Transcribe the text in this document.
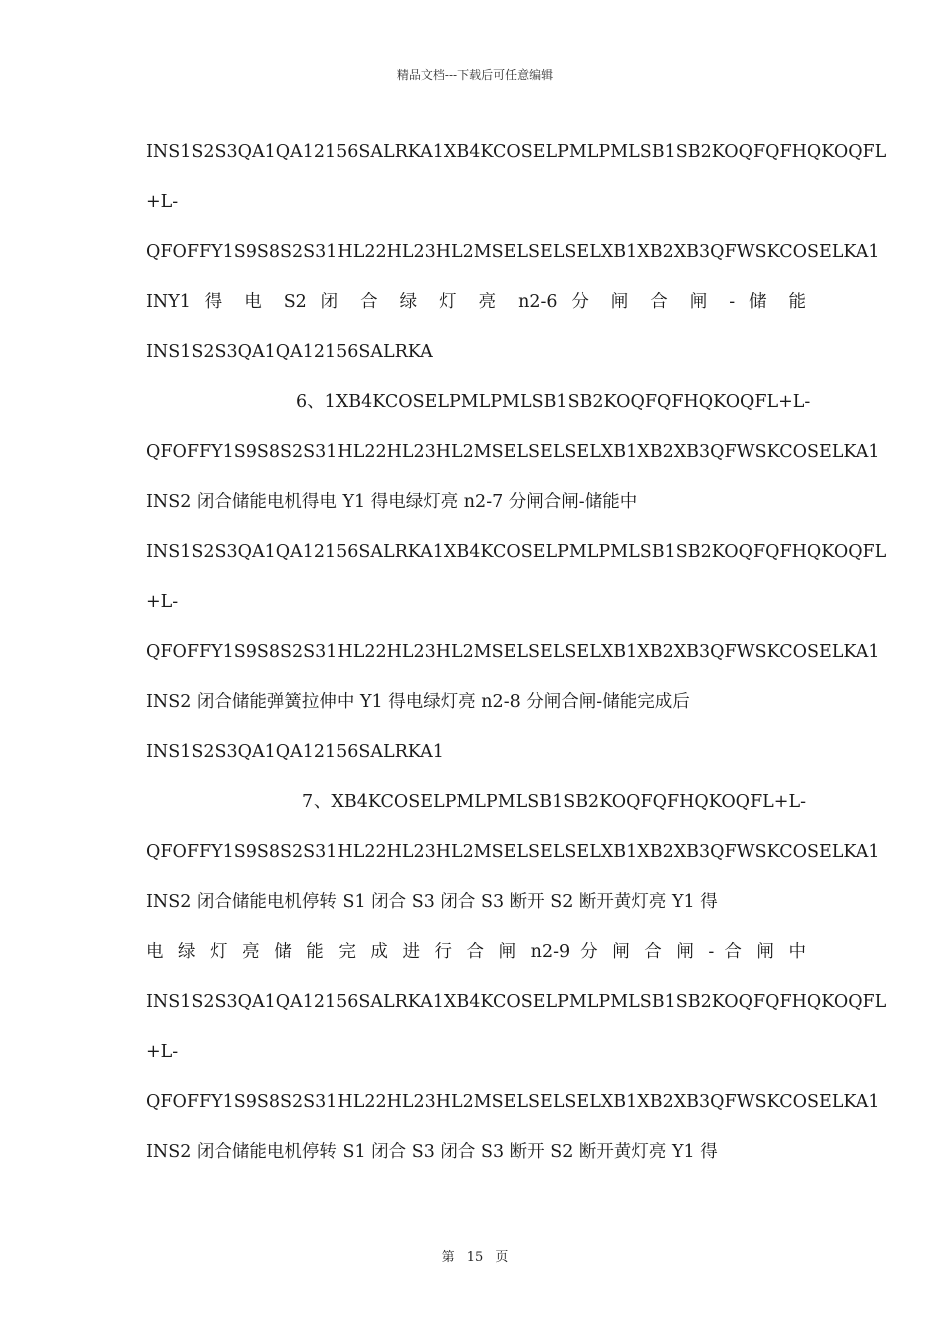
精品文档---下载后可任意编辑
INS1S2S3QA1QA12156SALRKA1XB4KCOSELPMLPMLSB1SB2KOQFQFHQKOQFL
+L-
QFOFFY1S9S8S2S31HL22HL23HL2MSELSELSELXB1XB2XB3QFWSKCOSELKA1
INY1 得 电 S2 闭 合 绿 灯 亮 n2-6 分 闸 合 闸 - 储 能
INS1S2S3QA1QA12156SALRKA
6 、 1XB4KCOSELPMLPMLSB1SB2KOQFQFHQKOQFL+L-
QFOFFY1S9S8S2S31HL22HL23HL2MSELSELSELXB1XB2XB3QFWSKCOSELKA1
INS2 闭合储能电机得电 Y1 得电绿灯亮 n2-7 分闸合闸-储能中
INS1S2S3QA1QA12156SALRKA1XB4KCOSELPMLPMLSB1SB2KOQFQFHQKOQFL
+L-
QFOFFY1S9S8S2S31HL22HL23HL2MSELSELSELXB1XB2XB3QFWSKCOSELKA1
INS2 闭合储能弹簧拉伸中 Y1 得电绿灯亮 n2-8 分闸合闸-储能完成后
INS1S2S3QA1QA12156SALRKA1
7 、 XB4KCOSELPMLPMLSB1SB2KOQFQFHQKOQFL+L-
QFOFFY1S9S8S2S31HL22HL23HL2MSELSELSELXB1XB2XB3QFWSKCOSELKA1
INS2 闭合储能电机停转 S1 闭合 S3 闭合 S3 断开 S2 断开黄灯亮 Y1 得
电 绿 灯 亮 储 能 完 成 进 行 合 闸 n2-9 分 闸 合 闸 - 合 闸 中
INS1S2S3QA1QA12156SALRKA1XB4KCOSELPMLPMLSB1SB2KOQFQFHQKOQFL
+L-
QFOFFY1S9S8S2S31HL22HL23HL2MSELSELSELXB1XB2XB3QFWSKCOSELKA1
INS2 闭合储能电机停转 S1 闭合 S3 闭合 S3 断开 S2 断开黄灯亮 Y1 得
第 15 页
